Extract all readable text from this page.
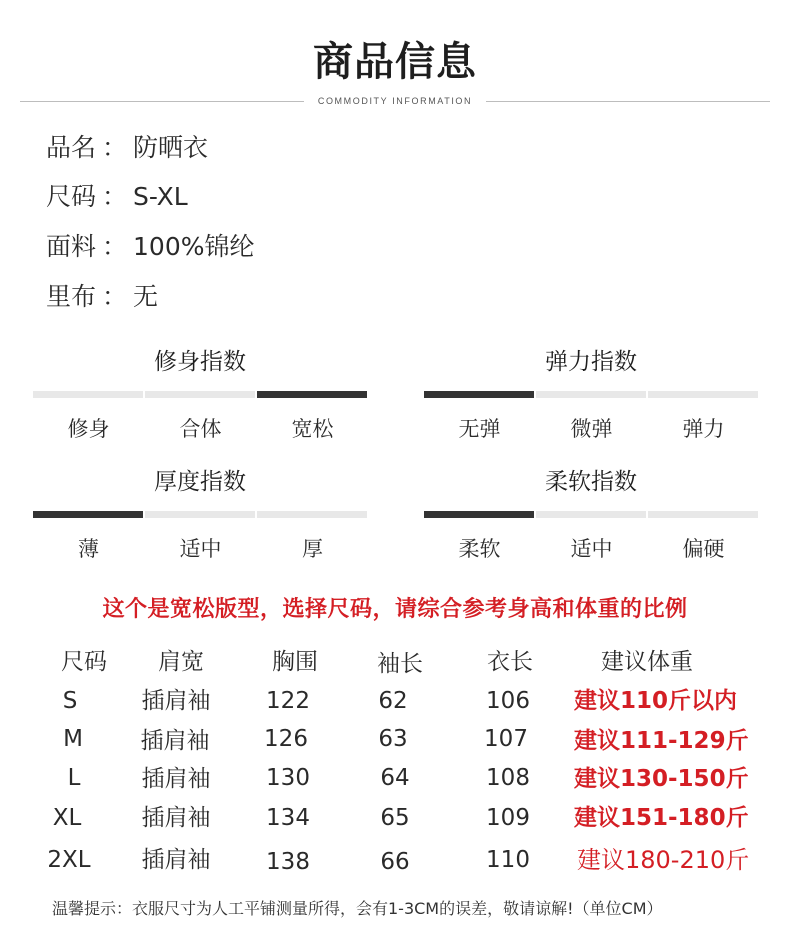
商品信息
COMMODITY INFORMATION
品名 ： 防晒衣
尺码 ： S-XL
面料 ： 100%锦纶
里布 ： 无
修身指数
修身	合体	宽松
弹力指数
无弹	微弹	弹力
厚度指数
薄	适中	厚
柔软指数
柔软	适中	偏硬
这个是宽松版型，选择尺码，请综合参考身高和体重的比例
尺码 肩宽	胸围	袖长	衣长	建议体重
S	插肩袖 122	62	106 建议110斤以内
M	插肩袖 126	63	107 建议111-129斤
L	插肩袖 130	64	108 建议130-150斤
XL	插肩袖 134	65	109 建议151-180斤
2XL 插肩袖 138	66	110 建议180-210斤
温馨提示：衣服尺寸为人工平铺测量所得，会有1-3CM的误差，敬请谅解!（单位CM）
